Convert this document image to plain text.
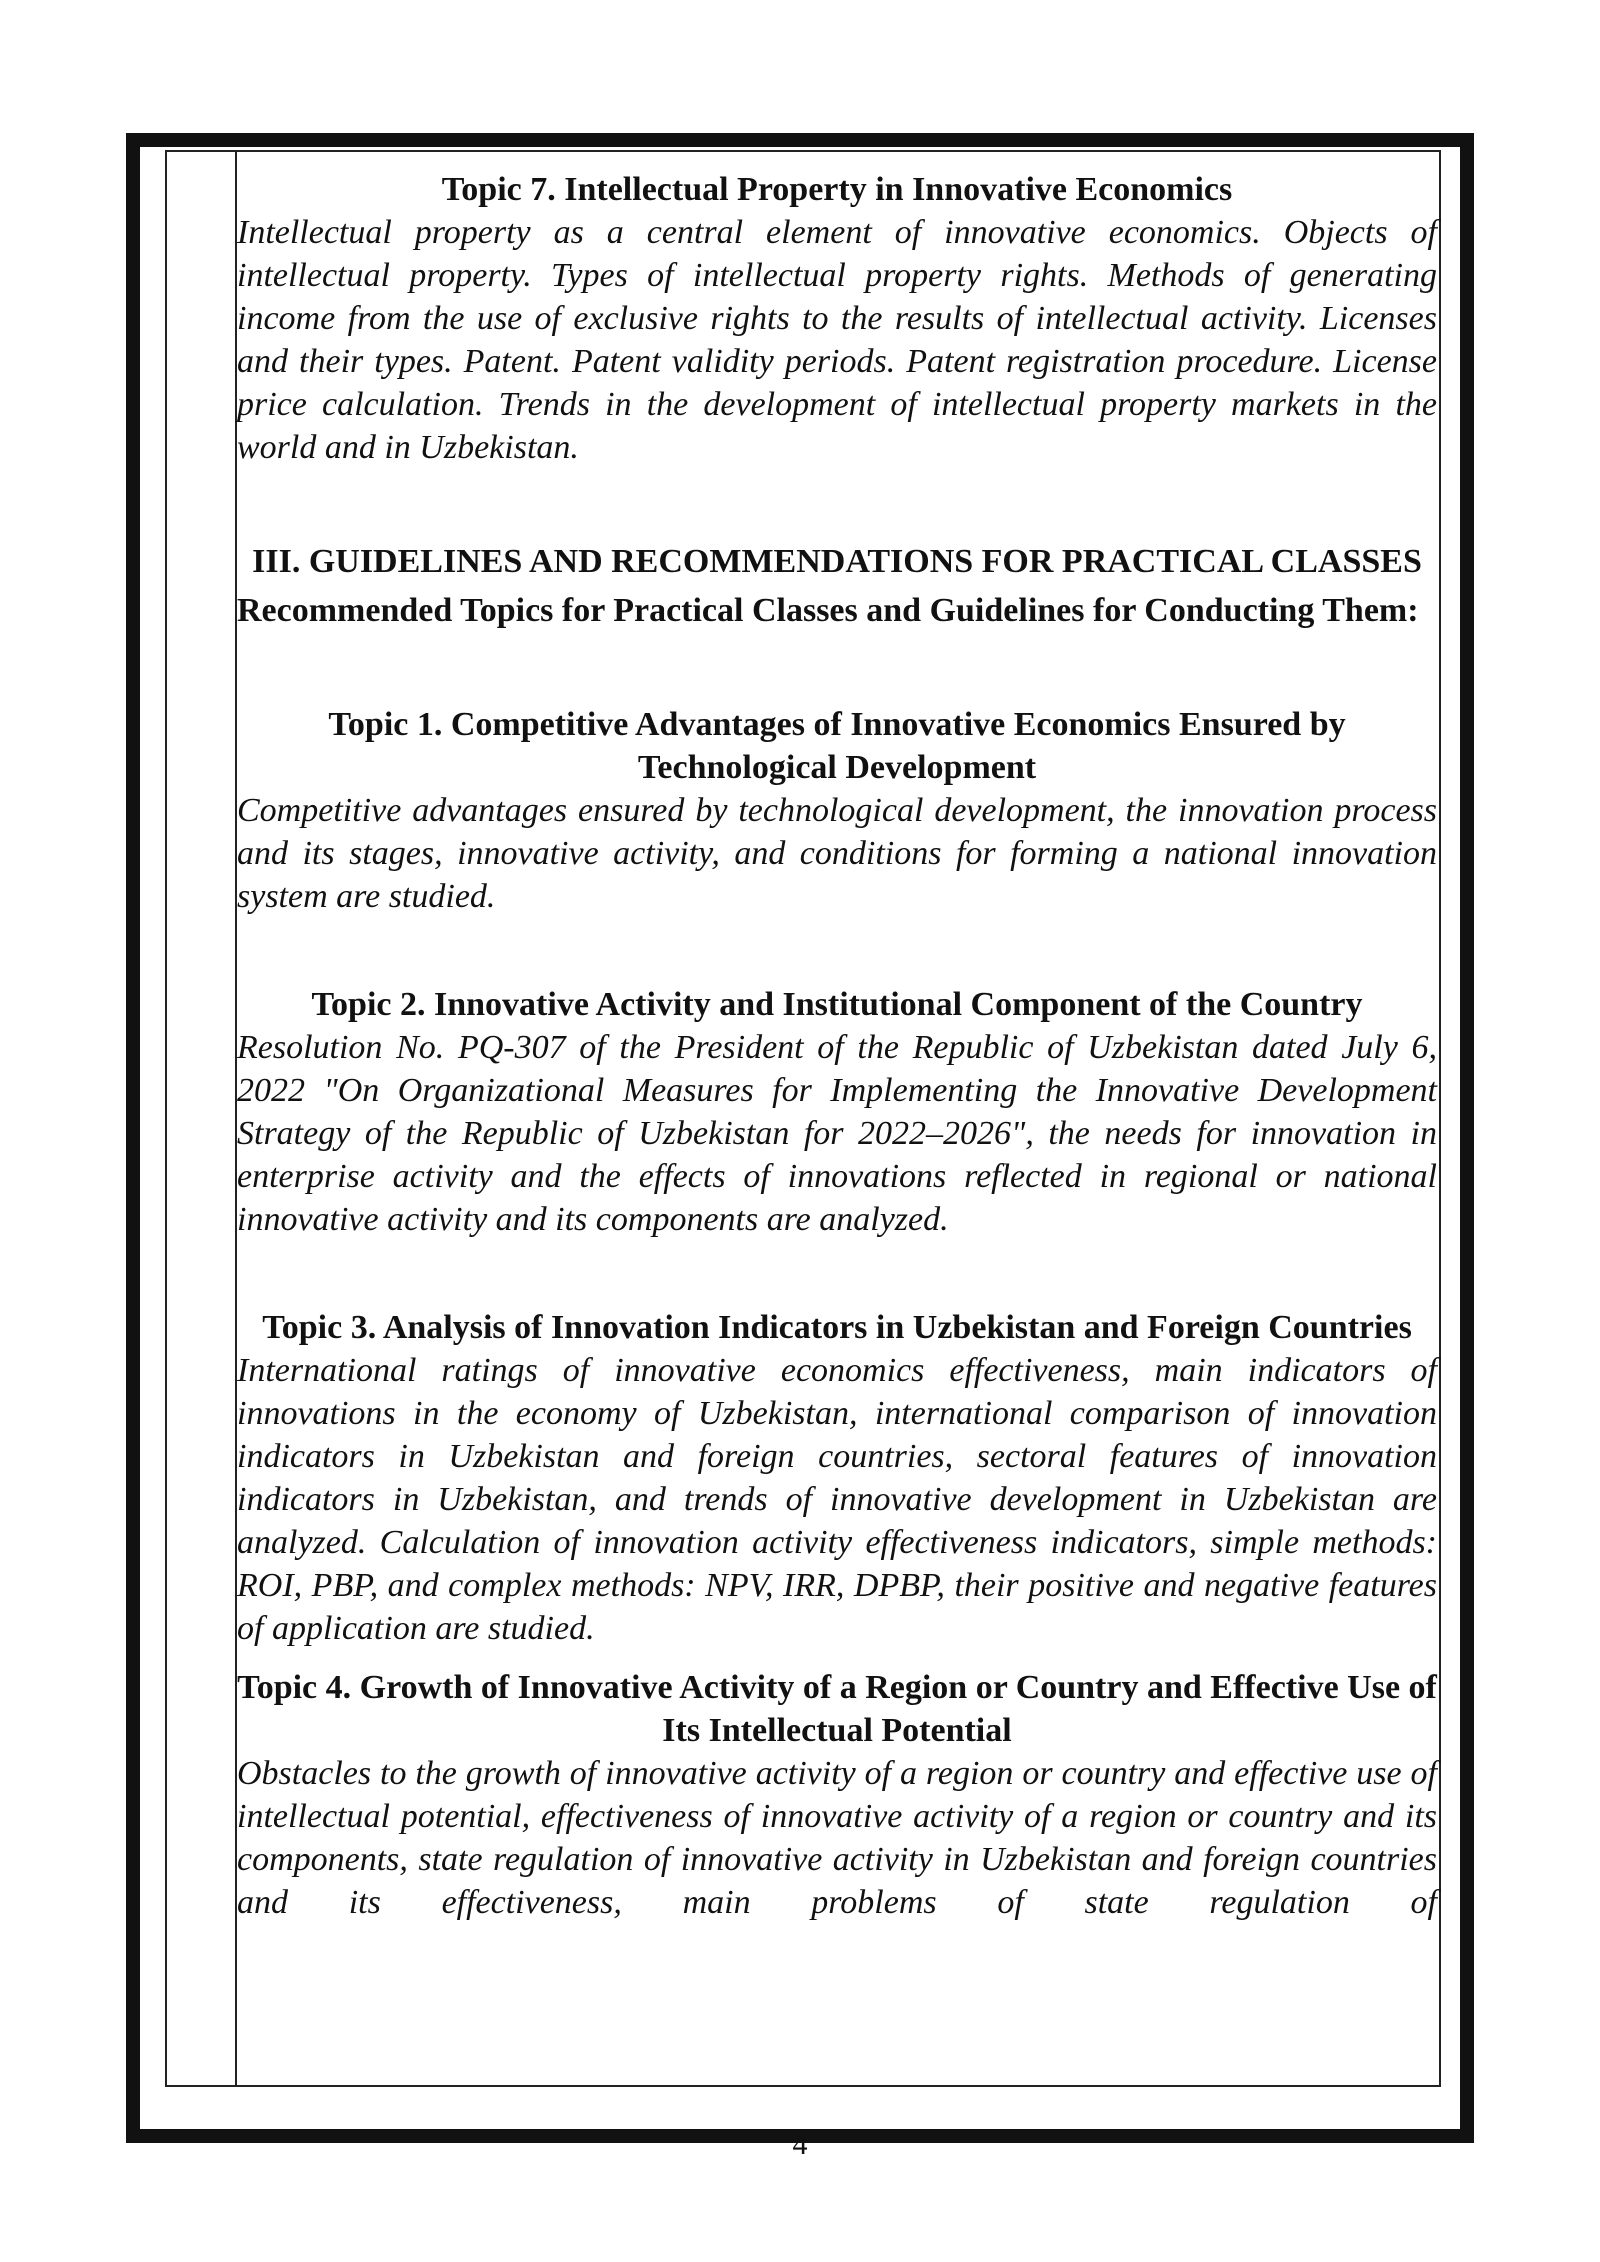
Topic 7. Intellectual Property in Innovative Economics

Intellectual property as a central element of innovative economics. Objects of intellectual property. Types of intellectual property rights. Methods of generating income from the use of exclusive rights to the results of intellectual activity. Licenses and their types. Patent. Patent validity periods. Patent registration procedure. License price calculation. Trends in the development of intellectual property markets in the world and in Uzbekistan.

III. GUIDELINES AND RECOMMENDATIONS FOR PRACTICAL CLASSES

Recommended Topics for Practical Classes and Guidelines for Conducting Them:

Topic 1. Competitive Advantages of Innovative Economics Ensured by Technological Development

Competitive advantages ensured by technological development, the innovation process and its stages, innovative activity, and conditions for forming a national innovation system are studied.

Topic 2. Innovative Activity and Institutional Component of the Country

Resolution No. PQ-307 of the President of the Republic of Uzbekistan dated July 6, 2022 "On Organizational Measures for Implementing the Innovative Development Strategy of the Republic of Uzbekistan for 2022–2026", the needs for innovation in enterprise activity and the effects of innovations reflected in regional or national innovative activity and its components are analyzed.

Topic 3. Analysis of Innovation Indicators in Uzbekistan and Foreign Countries

International ratings of innovative economics effectiveness, main indicators of innovations in the economy of Uzbekistan, international comparison of innovation indicators in Uzbekistan and foreign countries, sectoral features of innovation indicators in Uzbekistan, and trends of innovative development in Uzbekistan are analyzed. Calculation of innovation activity effectiveness indicators, simple methods: ROI, PBP, and complex methods: NPV, IRR, DPBP, their positive and negative features of application are studied.

Topic 4. Growth of Innovative Activity of a Region or Country and Effective Use of Its Intellectual Potential

Obstacles to the growth of innovative activity of a region or country and effective use of intellectual potential, effectiveness of innovative activity of a region or country and its components, state regulation of innovative activity in Uzbekistan and foreign countries and its effectiveness, main problems of state regulation of

4
